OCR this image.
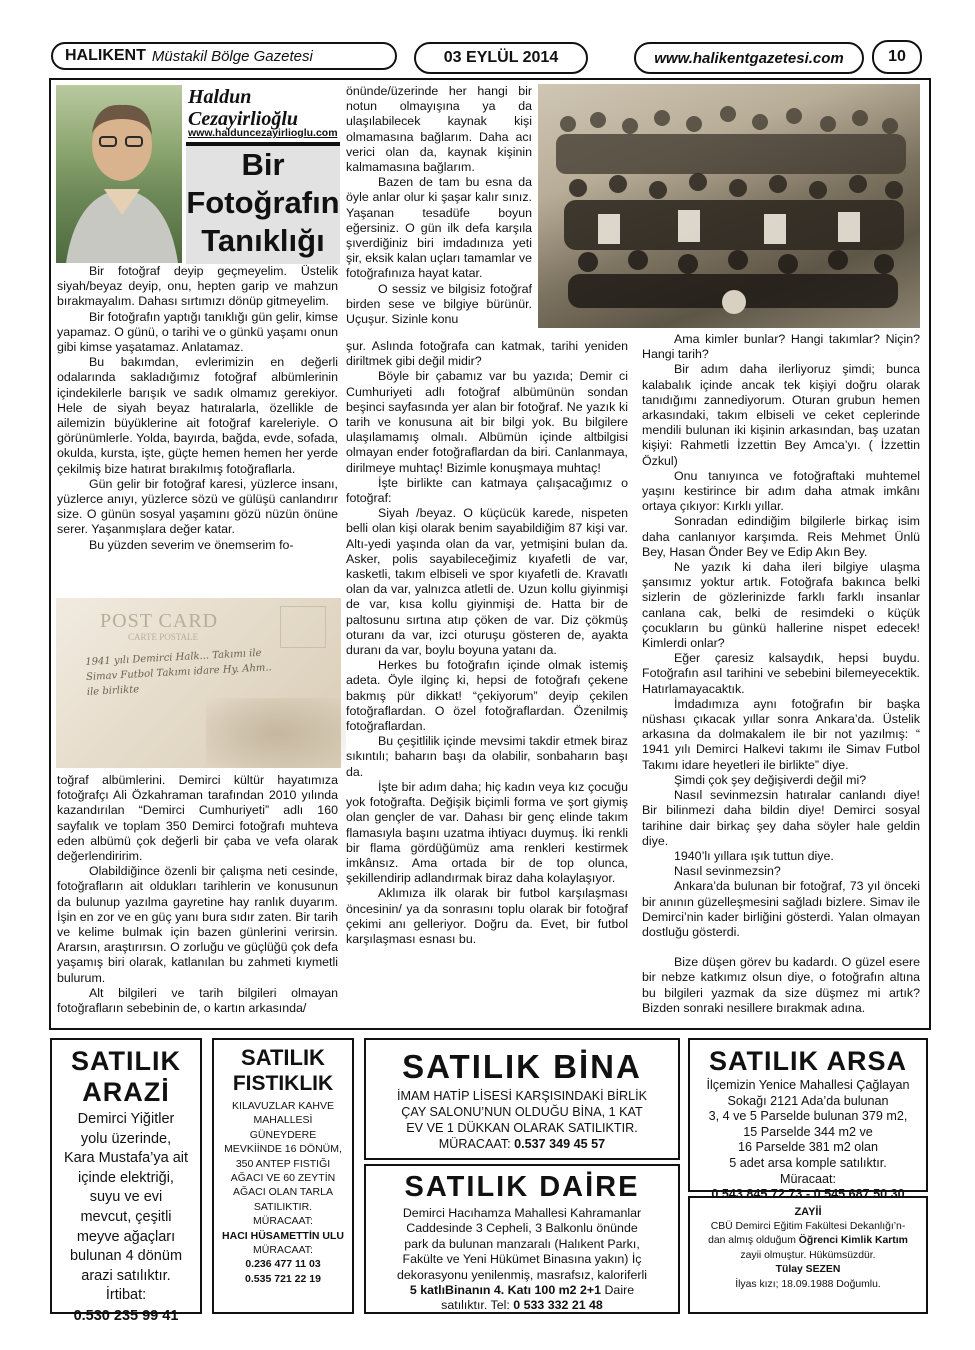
HALIKENT Müstakil Bölge Gazetesi	03 EYLÜL 2014	www.halikentgazetesi.com	10
Haldun Cezayirlioğlu
www.halduncezayirlioglu.com
Bir
Fotoğrafın
Tanıklığı

Bir fotoğraf deyip geçmeyelim. Üstelik siyah/beyaz deyip, onu, hepten garip ve mahzun bırakmayalım. Dahası sırtımızı dönüp gitmeyelim.

Bir fotoğrafın yaptığı tanıklığı gün gelir, kimse yapamaz. O günü, o tarihi ve o günkü yaşamı onun gibi kimse yaşatamaz. Anlatamaz.

Bu bakımdan, evlerimizin en değerli odalarında sakladığımız fotoğraf albümlerinin içindekilerle barışık ve sadık olmamız gerekiyor. Hele de siyah beyaz hatıralarla, özellikle de ailemizin büyüklerine ait fotoğraf kareleriyle. O görünümlerle. Yolda, bayırda, bağda, evde, sofada, okulda, kursta, işte, güçte hemen hemen her yerde çekilmiş bize hatırat bırakılmış fotoğraflarla.

Gün gelir bir fotoğraf karesi, yüzlerce insanı, yüzlerce anıyı, yüzlerce sözü ve gülüşü canlandırır size. O günün sosyal yaşamını gözü nüzün önüne serer. Yaşanmışlara değer katar.

Bu yüzden severim ve önemserim fo-

POST CARD
CARTE POSTALE
1941 yılı Demirci Halk... Takımı ile Simav Futbol Takımı idare Hy. Ahm.. ile birlikte

toğraf albümlerini. Demirci kültür hayatımıza fotoğrafçı Ali Özkahraman tarafından 2010 yılında kazandırılan “Demirci Cumhuriyeti” adlı 160 sayfalık ve toplam 350 Demirci fotoğrafı muhteva eden albümü çok değerli bir çaba ve vefa olarak değerlendiririm.

Olabildiğince özenli bir çalışma neti cesinde, fotoğrafların ait oldukları tarihlerin ve konusunun da bulunup yazılma gayretine hay ranlık duyarım. İşin en zor ve en güç yanı bura sıdır zaten. Bir tarih ve kelime bulmak için bazen günlerini verirsin. Ararsın, araştırırsın. O zorluğu ve güçlüğü çok defa yaşamış biri olarak, katlanılan bu zahmeti kıymetli bulurum.

Alt bilgileri ve tarih bilgileri olmayan fotoğrafların sebebinin de, o kartın arkasında/

önünde/üzerinde her hangi bir notun olmayışına ya da ulaşılabilecek kaynak kişi olmamasına bağlarım. Daha acı verici olan da, kaynak kişinin kalmamasına bağlarım.

Bazen de tam bu esna da öyle anlar olur ki şaşar kalır sınız. Yaşanan tesadüfe boyun eğersiniz. O gün ilk defa karşıla şıverdiğiniz biri imdadınıza yeti şir, eksik kalan uçları tamamlar ve fotoğrafınıza hayat katar.

O sessiz ve bilgisiz fotoğraf birden sese ve bilgiye bürünür. Uçuşur. Sizinle konu

şur. Aslında fotoğrafa can katmak, tarihi yeniden diriltmek gibi değil midir?

Böyle bir çabamız var bu yazıda; Demir ci Cumhuriyeti adlı fotoğraf albümünün sondan beşinci sayfasında yer alan bir fotoğraf. Ne yazık ki tarih ve konusuna ait bir bilgi yok. Bu bilgilere ulaşılamamış olmalı. Albümün içinde altbilgisi olmayan ender fotoğraflardan da biri. Canlanmaya, dirilmeye muhtaç! Bizimle konuşmaya muhtaç!

İşte birlikte can katmaya çalışacağımız o fotoğraf:

Siyah /beyaz. O küçücük karede, nispeten belli olan kişi olarak benim sayabildiğim 87 kişi var. Altı-yedi yaşında olan da var, yetmişini bulan da. Asker, polis sayabileceğimiz kıyafetli de var, kasketli, takım elbiseli ve spor kıyafetli de. Kravatlı olan da var, yalnızca atletli de. Uzun kollu giyinmişi de var, kısa kollu giyinmişi de. Hatta bir de paltosunu sırtına atıp çöken de var. Diz çökmüş oturanı da var, izci oturuşu gösteren de, ayakta duranı da var, boylu boyuna yatanı da.

Herkes bu fotoğrafın içinde olmak istemiş adeta. Öyle ilginç ki, hepsi de fotoğrafı çekene bakmış pür dikkat! “çekiyorum” deyip çekilen fotoğraflardan. O özel fotoğraflardan. Özenilmiş fotoğraflardan.

Bu çeşitlilik içinde mevsimi takdir etmek biraz sıkıntılı; baharın başı da olabilir, sonbaharın başı da.

İşte bir adım daha; hiç kadın veya kız çocuğu yok fotoğrafta. Değişik biçimli forma ve şort giymiş olan gençler de var. Dahası bir genç elinde takım flamasıyla başını uzatma ihtiyacı duymuş. İki renkli bir flama gördüğümüz ama renkleri kestirmek imkânsız. Ama ortada bir de top olunca, şekillendirip adlandırmak biraz daha kolaylaşıyor.

Aklımıza ilk olarak bir futbol karşılaşması öncesinin/ ya da sonrasını toplu olarak bir fotoğraf çekimi anı gelleriyor. Doğru da. Evet, bir futbol karşılaşması esnası bu.

Ama kimler bunlar? Hangi takımlar? Niçin? Hangi tarih?

Bir adım daha ilerliyoruz şimdi; bunca kalabalık içinde ancak tek kişiyi doğru olarak tanıdığımı zannediyorum. Oturan grubun hemen arkasındaki, takım elbiseli ve ceket ceplerinde mendili bulunan iki kişinin arkasından, baş uzatan kişiyi: Rahmetli İzzettin Bey Amca’yı. ( İzzettin Özkul)

Onu tanıyınca ve fotoğraftaki muhtemel yaşını kestirince bir adım daha atmak imkânı ortaya çıkıyor: Kırklı yıllar.

Sonradan edindiğim bilgilerle birkaç isim daha canlanıyor karşımda. Reis Mehmet Ünlü Bey, Hasan Önder Bey ve Edip Akın Bey.

Ne yazık ki daha ileri bilgiye ulaşma şansımız yoktur artık. Fotoğrafa bakınca belki sizlerin de gözlerinizde farklı farklı insanlar canlana cak, belki de resimdeki o küçük çocukların bu günkü hallerine nispet edecek! Kimlerdi onlar?

Eğer çaresiz kalsaydık, hepsi buydu. Fotoğrafın asıl tarihini ve sebebini bilemeyecektik. Hatırlamayacaktık.

İmdadımıza aynı fotoğrafın bir başka nüshası çıkacak yıllar sonra Ankara’da. Üstelik arkasına da dolmakalem ile bir not yazılmış: “ 1941 yılı Demirci Halkevi takımı ile Simav Futbol Takımı idare heyetleri ile birlikte” diye.

Şimdi çok şey değişiverdi değil mi?

Nasıl sevinmezsin hatıralar canlandı diye! Bir bilinmezi daha bildin diye! Demirci sosyal tarihine dair birkaç şey daha söyler hale geldin diye.

1940’lı yıllara ışık tuttun diye.

Nasıl sevinmezsin?

Ankara’da bulunan bir fotoğraf, 73 yıl önceki bir anının güzelleşmesini sağladı bizlere. Simav ile Demirci’nin kader birliğini gösterdi. Yalan olmayan dostluğu gösterdi.

Bize düşen görev bu kadardı. O güzel esere bir nebze katkımız olsun diye, o fotoğrafın altına bu bilgileri yazmak da size düşmez mi artık? Bizden sonraki nesillere bırakmak adına.

SATILIK
ARAZİ
Demirci Yiğitler
yolu üzerinde,
Kara Mustafa’ya ait
içinde elektriği,
suyu ve evi
mevcut, çeşitli
meyve ağaçları
bulunan 4 dönüm
arazi satılıktır.
İrtibat:
0.530 235 99 41
SATILIK
FISTIKLIK
KILAVUZLAR KAHVE
MAHALLESİ
GÜNEYDERE
MEVKİİNDE 16 DÖNÜM,
350 ANTEP FISTIĞI
AĞACI VE 60 ZEYTİN
AĞACI OLAN TARLA
SATILIKTIR.
MÜRACAAT:
HACI HÜSAMETTİN ULU
MÜRACAAT:
0.236 477 11 03
0.535 721 22 19
SATILIK BİNA
İMAM HATİP LİSESİ KARŞISINDAKİ BİRLİK
ÇAY SALONU’NUN OLDUĞU BİNA, 1 KAT
EV VE 1 DÜKKAN OLARAK SATILIKTIR.
MÜRACAAT: 0.537 349 45 57
SATILIK DAİRE
Demirci Hacıhamza Mahallesi Kahramanlar
Caddesinde 3 Cepheli, 3 Balkonlu önünde
park da bulunan manzaralı (Halıkent Parkı,
Fakülte ve Yeni Hükümet Binasına yakın) İç
dekorasyonu yenilenmiş, masrafsız, kaloriferli
5 katlıBinanın 4. Katı 100 m2 2+1 Daire
satılıktır. Tel: 0 533 332 21 48
SATILIK ARSA
İlçemizin Yenice Mahallesi Çağlayan
Sokağı 2121 Ada’da bulunan
3, 4 ve 5 Parselde bulunan 379 m2,
15 Parselde 344 m2 ve
16 Parselde 381 m2 olan
5 adet arsa komple satılıktır.
Müracaat:
0 543 845 72 73 - 0 545 687 50 30
ZAYİİ
CBÜ Demirci Eğitim Fakültesi Dekanlığı’n-
dan almış olduğum Öğrenci Kimlik Kartım
zayii olmuştur. Hükümsüzdür.
Tülay SEZEN
İlyas kızı; 18.09.1988 Doğumlu.
